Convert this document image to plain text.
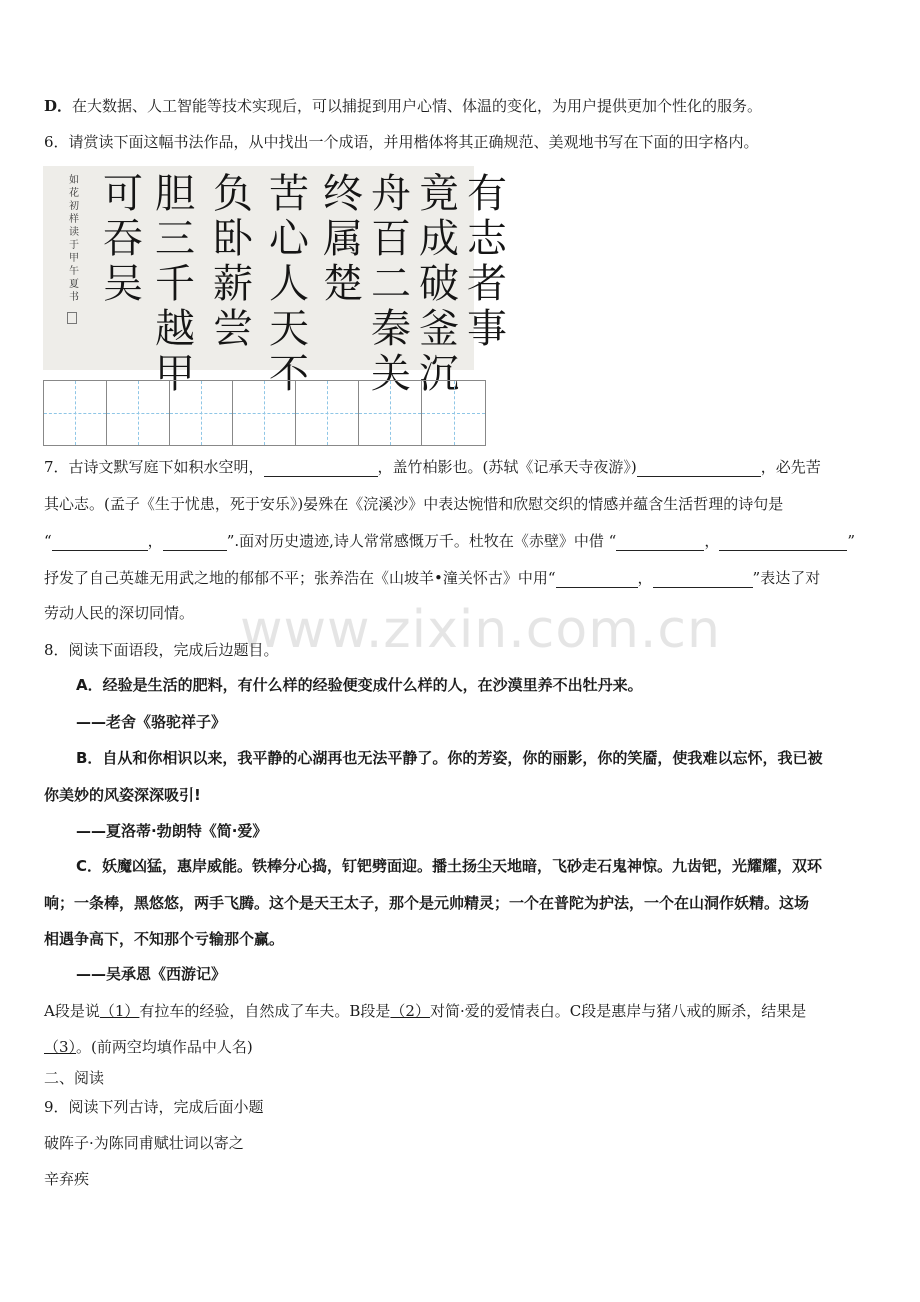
D．在大数据、人工智能等技术实现后，可以捕捉到用户心情、体温的变化，为用户提供更加个性化的服务。
6．请赏读下面这幅书法作品，从中找出一个成语，并用楷体将其正确规范、美观地书写在下面的田字格内。
有志者事
竟成破釜沉
舟百二秦关
终属楚
苦心人天不
负卧薪尝
胆三千越甲
可吞吴
如花初样读于甲午夏书
7．古诗文默写庭下如积水空明，	，盖竹柏影也。(苏轼《记承天寺夜游》)	，必先苦
其心志。(孟子《生于忧患，死于安乐》)晏殊在《浣溪沙》中表达惋惜和欣慰交织的情感并蕴含生活哲理的诗句是
“	，	”.面对历史遗迹,诗人常常感慨万千。杜牧在《赤壁》中借 “	，	”
抒发了自己英雄无用武之地的郁郁不平；张养浩在《山坡羊•潼关怀古》中用“	，	”表达了对
劳动人民的深切同情。 www.zixin.com.cn
8．阅读下面语段，完成后边题目。
A．经验是生活的肥料，有什么样的经验便变成什么样的人，在沙漠里养不出牡丹来。
——老舍《骆驼祥子》
B．自从和你相识以来，我平静的心湖再也无法平静了。你的芳姿，你的丽影，你的笑靥，使我难以忘怀，我已被
你美妙的风姿深深吸引!
——夏洛蒂·勃朗特《简·爱》
C．妖魔凶猛，惠岸威能。铁棒分心捣，钉钯劈面迎。播土扬尘天地暗，飞砂走石鬼神惊。九齿钯，光耀耀，双环
响；一条棒，黑悠悠，两手飞腾。这个是天王太子，那个是元帅精灵；一个在普陀为护法，一个在山洞作妖精。这场
相遇争高下，不知那个亏输那个赢。
——吴承恩《西游记》
A段是说（1）有拉车的经验，自然成了车夫。B段是（2）对简·爱的爱情表白。C段是惠岸与猪八戒的厮杀，结果是
（3）。(前两空均填作品中人名)
二、阅读
9．阅读下列古诗，完成后面小题
破阵子·为陈同甫赋壮词以寄之
辛弃疾
